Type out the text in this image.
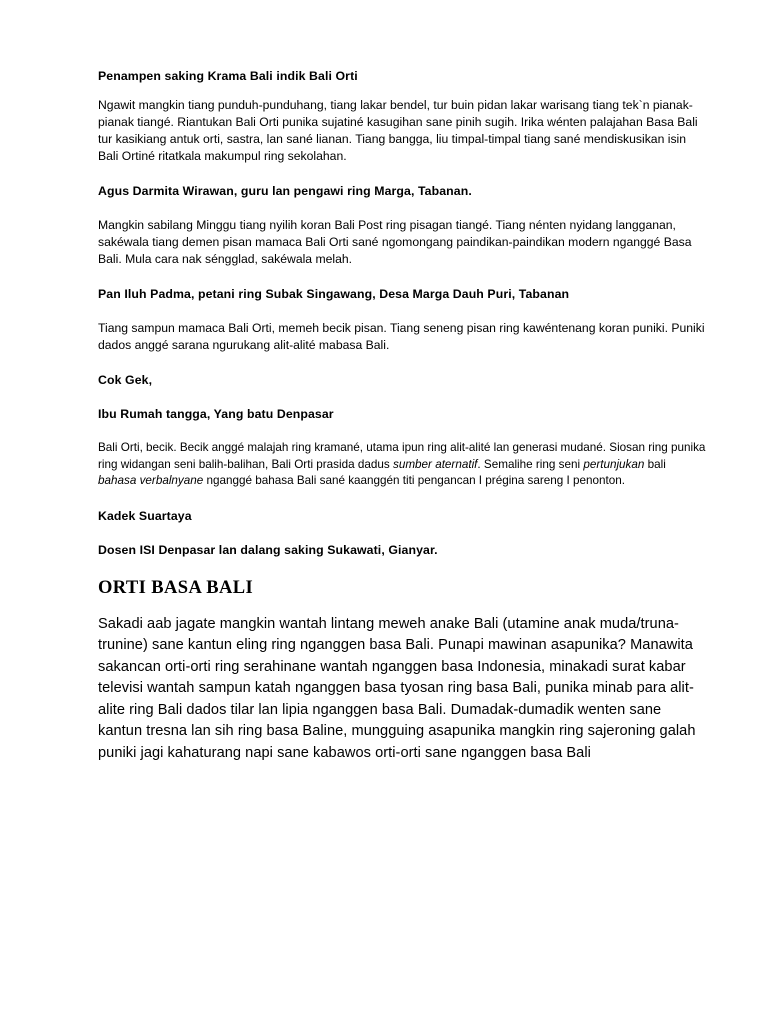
Penampen saking Krama Bali indik Bali Orti

Ngawit mangkin tiang punduh-punduhang, tiang lakar bendel, tur buin pidan lakar warisang tiang tek`n pianak-pianak tiangé. Riantukan Bali Orti punika sujatiné kasugihan sane pinih sugih. Irika wénten palajahan Basa Bali tur kasikiang antuk orti, sastra, lan sané lianan. Tiang bangga, liu timpal-timpal tiang sané mendiskusikan isin Bali Ortiné ritatkala makumpul ring sekolahan.

Agus Darmita Wirawan, guru lan pengawi ring Marga, Tabanan.

Mangkin sabilang Minggu tiang nyilih koran Bali Post ring pisagan tiangé. Tiang nénten nyidang langganan, sakéwala tiang demen pisan mamaca Bali Orti sané ngomongang paindikan-paindikan modern nganggé Basa Bali. Mula cara nak séngglad, sakéwala melah.

Pan Iluh Padma, petani ring Subak Singawang, Desa Marga Dauh Puri, Tabanan

Tiang sampun mamaca Bali Orti, memeh becik pisan. Tiang seneng pisan ring kawéntenang koran puniki. Puniki dados anggé sarana ngurukang alit-alité mabasa Bali.

Cok Gek,

Ibu Rumah tangga, Yang batu Denpasar

Bali Orti, becik. Becik anggé malajah ring kramané, utama ipun ring alit-alité lan generasi mudané. Siosan ring punika ring widangan seni balih-balihan, Bali Orti prasida dadus sumber aternatif. Semalihe ring seni pertunjukan bali bahasa verbalnyane nganggé bahasa Bali sané kaanggén titi pengancan I prégina sareng I penonton.

Kadek Suartaya

Dosen ISI Denpasar lan dalang saking Sukawati, Gianyar.

ORTI BASA BALI

Sakadi aab jagate mangkin wantah lintang meweh anake Bali (utamine anak muda/truna-trunine) sane kantun eling ring nganggen basa Bali. Punapi mawinan asapunika? Manawita sakancan orti-orti ring serahinane wantah nganggen basa Indonesia, minakadi surat kabar televisi wantah sampun katah nganggen basa tyosan ring basa Bali, punika minab para alit-alite ring Bali dados tilar lan lipia nganggen basa Bali. Dumadak-dumadik wenten sane kantun tresna lan sih ring basa Baline, mungguing asapunika mangkin ring sajeroning galah puniki jagi kahaturang napi sane kabawos orti-orti sane nganggen basa Bali
